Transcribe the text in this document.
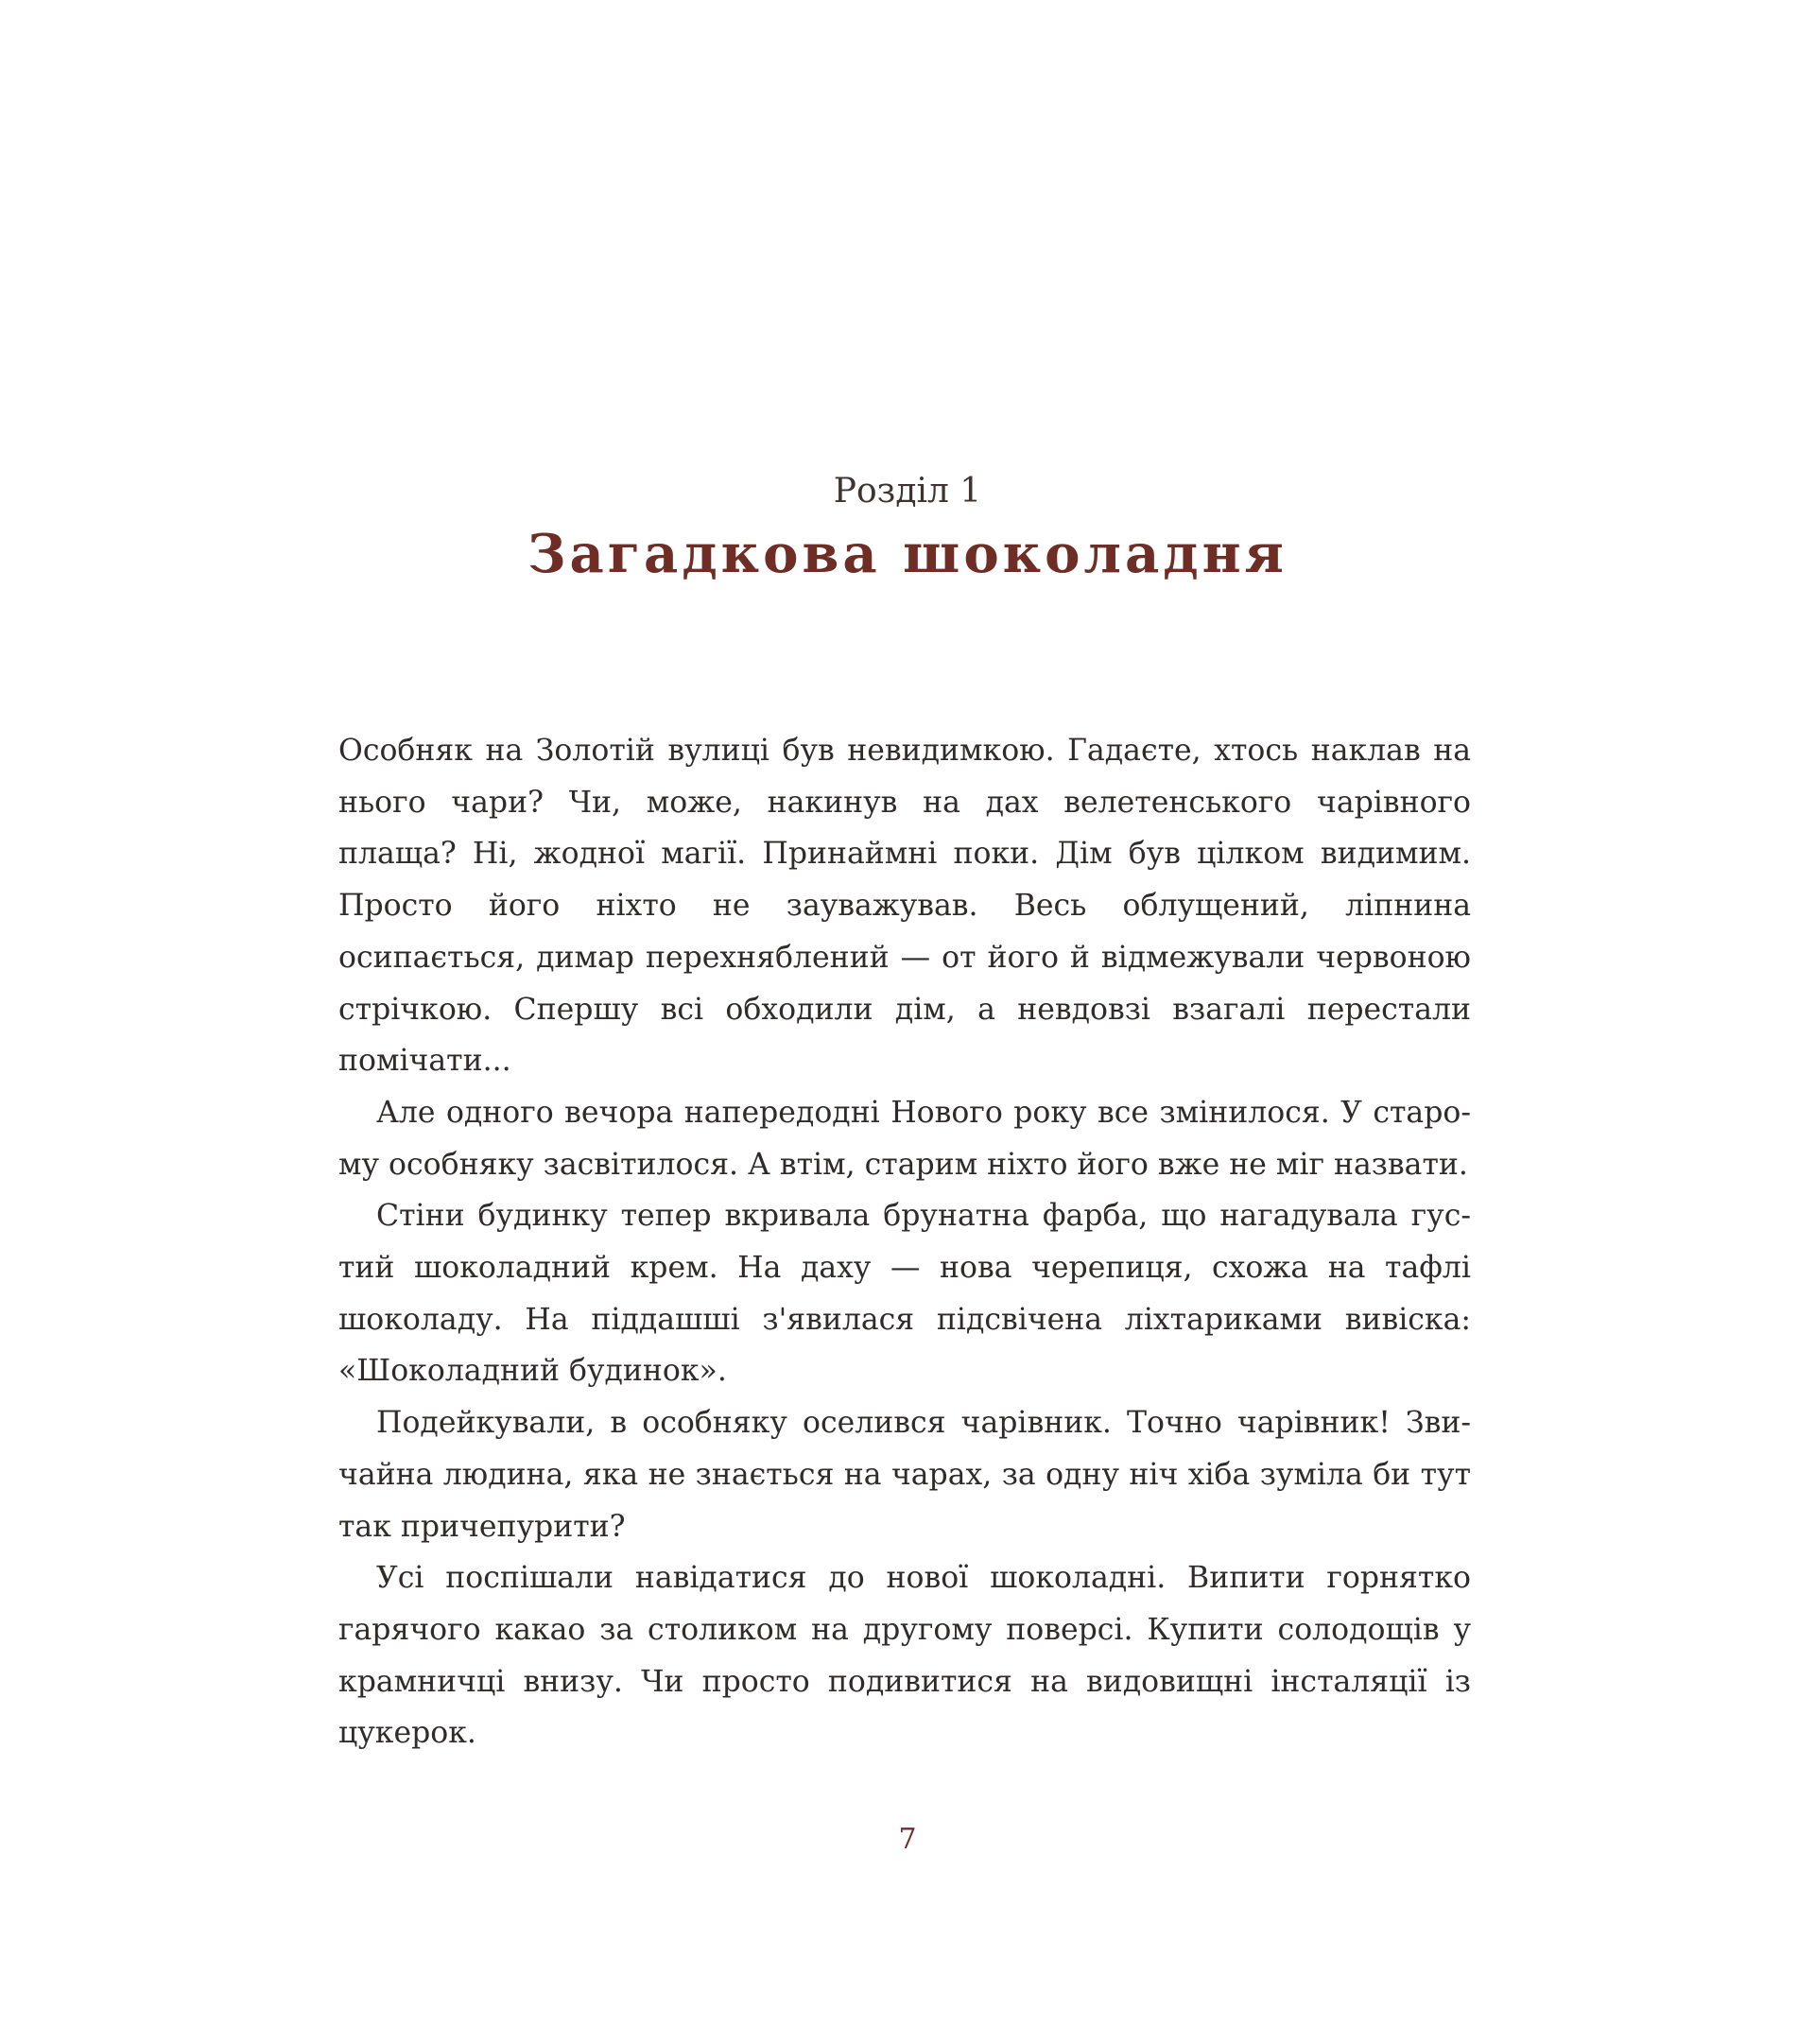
Розділ 1
Загадкова шоколадня

Особняк на Золотій вулиці був невидимкою. Гадаєте, хтось наклав на нього чари? Чи, може, накинув на дах велетенського чарівного плаща? Ні, жодної магії. Принаймні поки. Дім був цілком видимим. Просто його ніхто не зауважував. Весь облущений, ліпнина осипається, димар перехняблений — от його й відмежували червоною стрічкою. Спершу всі обходили дім, а невдовзі взагалі перестали помічати...

Але одного вечора напередодні Нового року все змінилося. У старому особняку засвітилося. А втім, старим ніхто його вже не міг назвати.

Стіни будинку тепер вкривала брунатна фарба, що нагадувала густий шоколадний крем. На даху — нова черепиця, схожа на тафлі шоколаду. На піддашші з'явилася підсвічена ліхтариками вивіска: «Шоколадний будинок».

Подейкували, в особняку оселився чарівник. Точно чарівник! Звичайна людина, яка не знається на чарах, за одну ніч хіба зуміла би тут так причепурити?

Усі поспішали навідатися до нової шоколадні. Випити горнятко гарячого какао за столиком на другому поверсі. Купити солодощів у крамничці внизу. Чи просто подивитися на видовищні інсталяції із цукерок.

7
